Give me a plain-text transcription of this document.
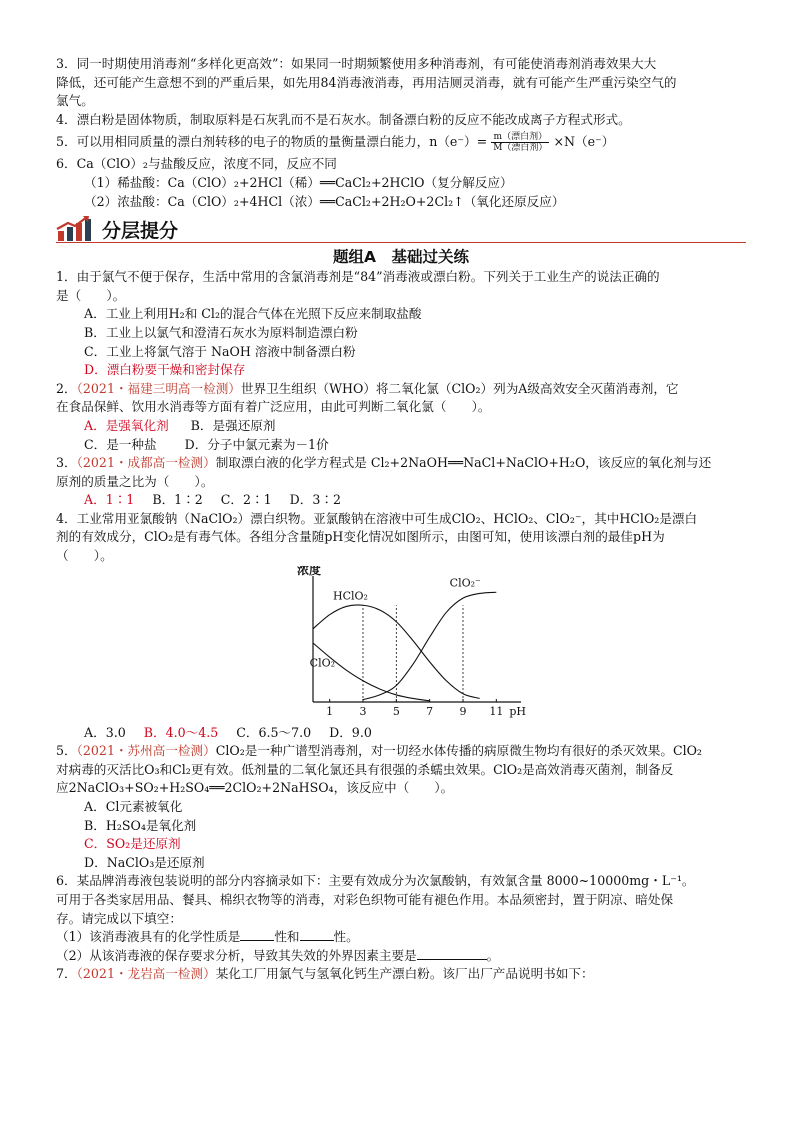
3．同一时期使用消毒剂“多样化更高效”：如果同一时期频繁使用多种消毒剂，有可能使消毒剂消毒效果大大
降低，还可能产生意想不到的严重后果，如先用84消毒液消毒，再用洁厕灵消毒，就有可能产生严重污染空气的
氯气。
4．漂白粉是固体物质，制取原料是石灰乳而不是石灰水。制备漂白粉的反应不能改成离子方程式形式。
5．可以用相同质量的漂白剂转移的电子的物质的量衡量漂白能力，$n(e^-)= \frac{\text{m（漂白剂）}}{\text{M（漂白剂）}} \times N(e^-)$
6．Ca（ClO）₂与盐酸反应，浓度不同，反应不同
（1）稀盐酸：Ca（ClO）₂+2HCl（稀）══CaCl₂+2HClO（复分解反应）
（2）浓盐酸：Ca（ClO）₂+4HCl（浓）══CaCl₂+2H₂O+2Cl₂↑（氧化还原反应）
分层提分
题组A　基础过关练
1．由于氯气不便于保存，生活中常用的含氯消毒剂是“84”消毒液或漂白粉。下列关于工业生产的说法正确的
是（　　）。
A．工业上利用H₂和 Cl₂的混合气体在光照下反应来制取盐酸
B．工业上以氯气和澄清石灰水为原料制造漂白粉
C．工业上将氯气溶于 NaOH 溶液中制备漂白粉
D．漂白粉要干燥和密封保存
2．（2021・福建三明高一检测）世界卫生组织（WHO）将二氧化氯（ClO₂）列为A级高效安全灭菌消毒剂，它
在食品保鲜、饮用水消毒等方面有着广泛应用，由此可判断二氧化氯（　　）。
A．是强氧化剂 B．是强还原剂
C．是一种盐 D．分子中氯元素为－1价
3．（2021・成都高一检测）制取漂白液的化学方程式是 Cl₂+2NaOH══NaCl+NaClO+H₂O，该反应的氧化剂与还
原剂的质量之比为（　　）。
A．1∶1 B．1∶2 C．2∶1 D．3∶2
4．工业常用亚氯酸钠（NaClO₂）漂白织物。亚氯酸钠在溶液中可生成ClO₂、HClO₂、ClO₂⁻，其中HClO₂是漂白
剂的有效成分，ClO₂是有毒气体。各组分含量随pH变化情况如图所示，由图可知，使用该漂白剂的最佳pH为
（　　）。
浓度
1 3 5 7 9 11 pH
HClO₂
ClO₂
ClO₂⁻
A．3.0 B．4.0～4.5 C．6.5～7.0 D．9.0
5．（2021・苏州高一检测）ClO₂是一种广谱型消毒剂，对一切经水体传播的病原微生物均有很好的杀灭效果。ClO₂
对病毒的灭活比O₃和Cl₂更有效。低剂量的二氧化氯还具有很强的杀蠕虫效果。ClO₂是高效消毒灭菌剂，制备反
应2NaClO₃+SO₂+H₂SO₄══2ClO₂+2NaHSO₄，该反应中（　　）。
A．Cl元素被氧化
B．H₂SO₄是氧化剂
C．SO₂是还原剂
D．NaClO₃是还原剂
6．某品牌消毒液包装说明的部分内容摘录如下：主要有效成分为次氯酸钠，有效氯含量 8000~10000mg・L⁻¹。
可用于各类家居用品、餐具、棉织衣物等的消毒，对彩色织物可能有褪色作用。本品须密封，置于阴凉、暗处保
存。请完成以下填空：
（1）该消毒液具有的化学性质是	性和	性。
（2）从该消毒液的保存要求分析，导致其失效的外界因素主要是	。
7．（2021・龙岩高一检测）某化工厂用氯气与氢氧化钙生产漂白粉。该厂出厂产品说明书如下：
